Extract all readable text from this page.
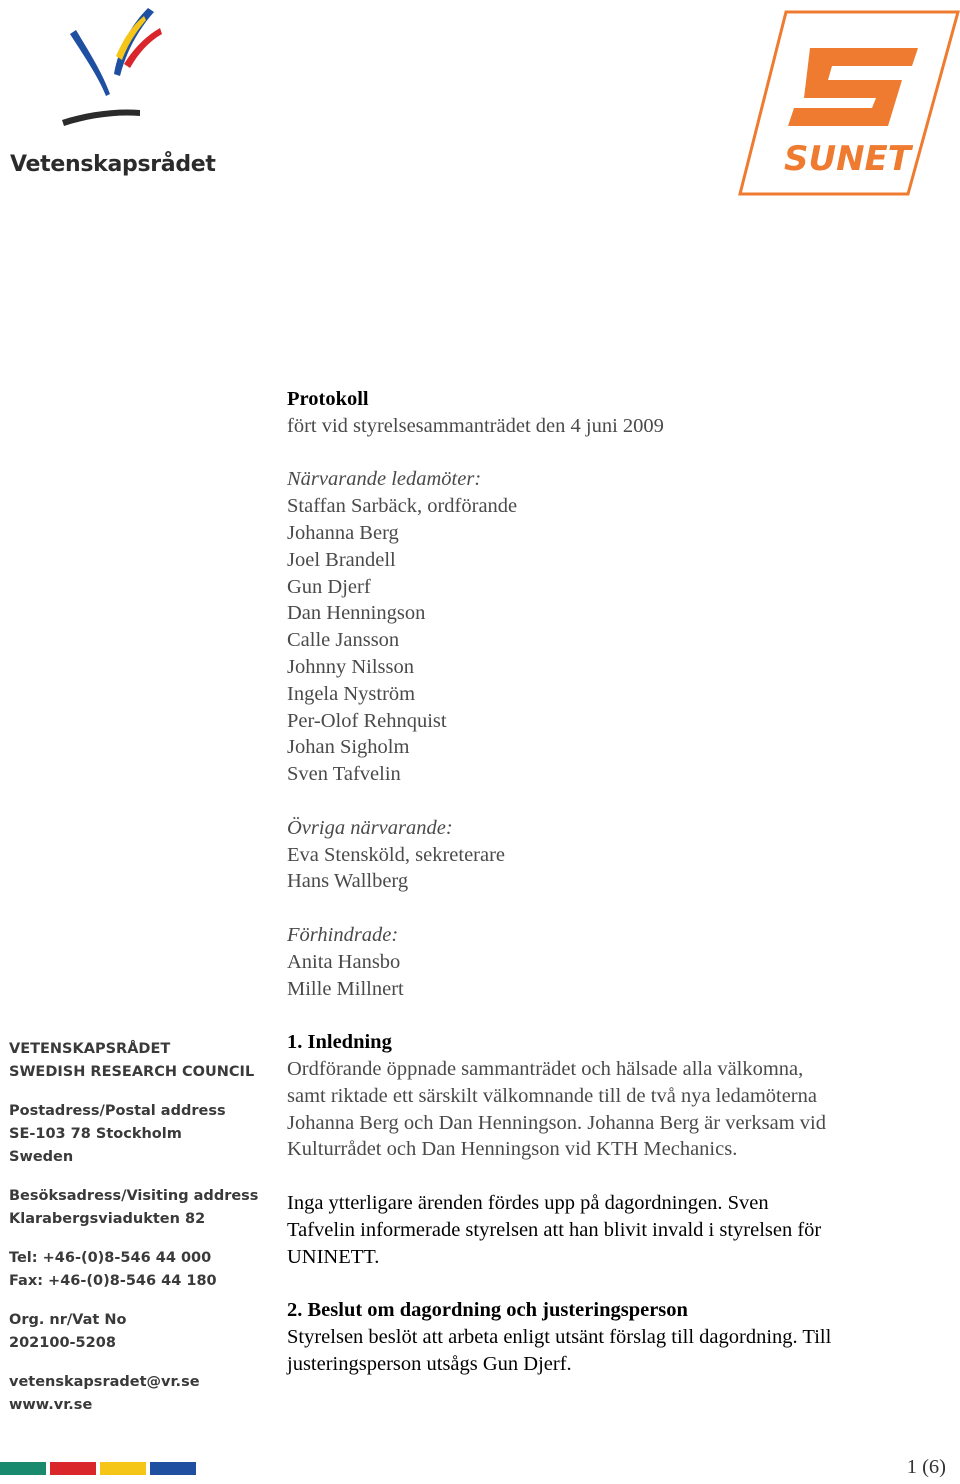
Vetenskapsrådet	SUNET

Protokoll

fört vid styrelsesammanträdet den 4 juni 2009

Närvarande ledamöter:

Staffan Sarbäck, ordförande

Johanna Berg

Joel Brandell

Gun Djerf

Dan Henningson

Calle Jansson

Johnny Nilsson

Ingela Nyström

Per-Olof Rehnquist

Johan Sigholm

Sven Tafvelin

Övriga närvarande:

Eva Stensköld, sekreterare

Hans Wallberg

Förhindrade:

Anita Hansbo

Mille Millnert

1. Inledning

Ordförande öppnade sammanträdet och hälsade alla välkomna,

samt riktade ett särskilt välkomnande till de två nya ledamöterna

Johanna Berg och Dan Henningson. Johanna Berg är verksam vid

Kulturrådet och Dan Henningson vid KTH Mechanics.

Inga ytterligare ärenden fördes upp på dagordningen. Sven

Tafvelin informerade styrelsen att han blivit invald i styrelsen för

UNINETT.

2. Beslut om dagordning och justeringsperson

Styrelsen beslöt att arbeta enligt utsänt förslag till dagordning. Till

justeringsperson utsågs Gun Djerf.

VETENSKAPSRÅDET
SWEDISH RESEARCH COUNCIL
Postadress/Postal address
SE-103 78 Stockholm
Sweden
Besöksadress/Visiting address
Klarabergsviadukten 82
Tel: +46-(0)8-546 44 000
Fax: +46-(0)8-546 44 180
Org. nr/Vat No
202100-5208
vetenskapsradet@vr.se
www.vr.se
1 (6)
